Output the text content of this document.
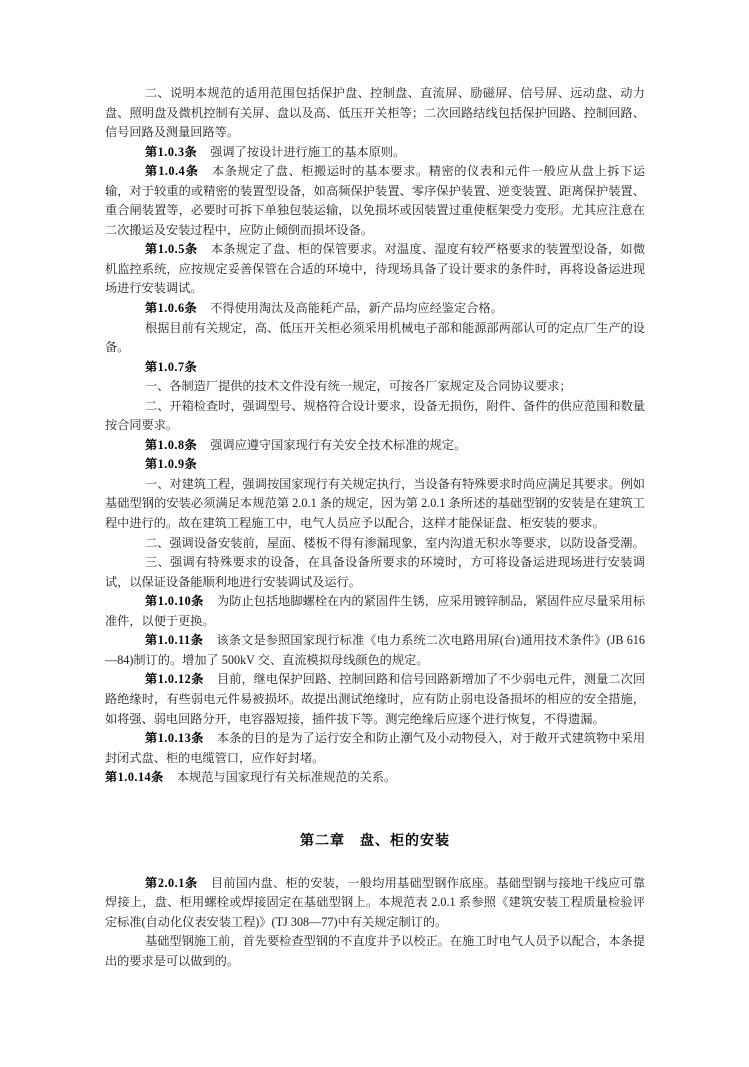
二、说明本规范的适用范围包括保护盘、控制盘、直流屏、励磁屏、信号屏、远动盘、动力盘、照明盘及微机控制有关屏、盘以及高、低压开关柜等；二次回路结线包括保护回路、控制回路、信号回路及测量回路等。

第1.0.3条 强调了按设计进行施工的基本原则。

第1.0.4条 本条规定了盘、柜搬运时的基本要求。精密的仪表和元件一般应从盘上拆下运输，对于较重的或精密的装置型设备，如高频保护装置、零序保护装置、逆变装置、距离保护装置、重合闸装置等，必要时可拆下单独包装运输，以免损坏或因装置过重使框架受力变形。尤其应注意在二次搬运及安装过程中，应防止倾倒而损坏设备。

第1.0.5条 本条规定了盘、柜的保管要求。对温度、湿度有较严格要求的装置型设备，如微机监控系统，应按规定妥善保管在合适的环境中，待现场具备了设计要求的条件时，再将设备运进现场进行安装调试。

第1.0.6条 不得使用淘汰及高能耗产品，新产品均应经鉴定合格。

根据目前有关规定，高、低压开关柜必须采用机械电子部和能源部两部认可的定点厂生产的设备。

第1.0.7条

一、各制造厂提供的技术文件没有统一规定，可按各厂家规定及合同协议要求；

二、开箱检查时，强调型号、规格符合设计要求，设备无损伤，附件、备件的供应范围和数量按合同要求。

第1.0.8条 强调应遵守国家现行有关安全技术标准的规定。

第1.0.9条

一、对建筑工程，强调按国家现行有关规定执行，当设备有特殊要求时尚应满足其要求。例如基础型钢的安装必须满足本规范第 2.0.1 条的规定，因为第 2.0.1 条所述的基础型钢的安装是在建筑工程中进行的。故在建筑工程施工中，电气人员应予以配合，这样才能保证盘、柜安装的要求。

二、强调设备安装前，屋面、楼板不得有渗漏现象，室内沟道无积水等要求，以防设备受潮。

三、强调有特殊要求的设备，在具备设备所要求的环境时，方可将设备运进现场进行安装调试，以保证设备能顺利地进行安装调试及运行。

第1.0.10条 为防止包括地脚螺栓在内的紧固件生锈，应采用镀锌制品，紧固件应尽量采用标准件，以便于更换。

第1.0.11条 该条文是参照国家现行标准《电力系统二次电路用屏(台)通用技术条件》(JB 616—84)制订的。增加了 500kV 交、直流模拟母线颜色的规定。

第1.0.12条 目前，继电保护回路、控制回路和信号回路新增加了不少弱电元件，测量二次回路绝缘时，有些弱电元件易被损坏。故提出测试绝缘时，应有防止弱电设备损坏的相应的安全措施，如将强、弱电回路分开，电容器短接，插件拔下等。测完绝缘后应逐个进行恢复，不得遗漏。

第1.0.13条 本条的目的是为了运行安全和防止潮气及小动物侵入，对于敞开式建筑物中采用封闭式盘、柜的电缆管口，应作好封堵。

第1.0.14条 本规范与国家现行有关标准规范的关系。

第二章　盘、柜的安装

第2.0.1条 目前国内盘、柜的安装，一般均用基础型钢作底座。基础型钢与接地干线应可靠焊接上，盘、柜用螺栓或焊接固定在基础型钢上。本规范表 2.0.1 系参照《建筑安装工程质量检验评定标准(自动化仪表安装工程)》(TJ 308—77)中有关规定制订的。

基础型钢施工前，首先要检查型钢的不直度并予以校正。在施工时电气人员予以配合，本条提出的要求是可以做到的。
